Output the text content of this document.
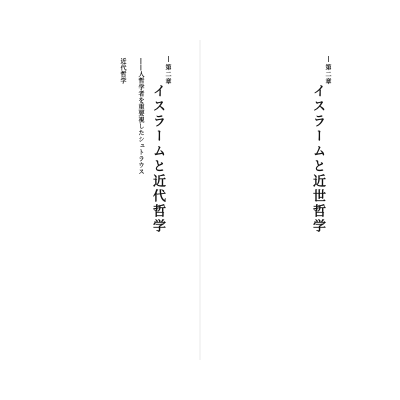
第二章
イスラームと近世哲学
第二章
イスラームと近代哲学
――人哲学者を重要視したシュトラウス
近代哲学
